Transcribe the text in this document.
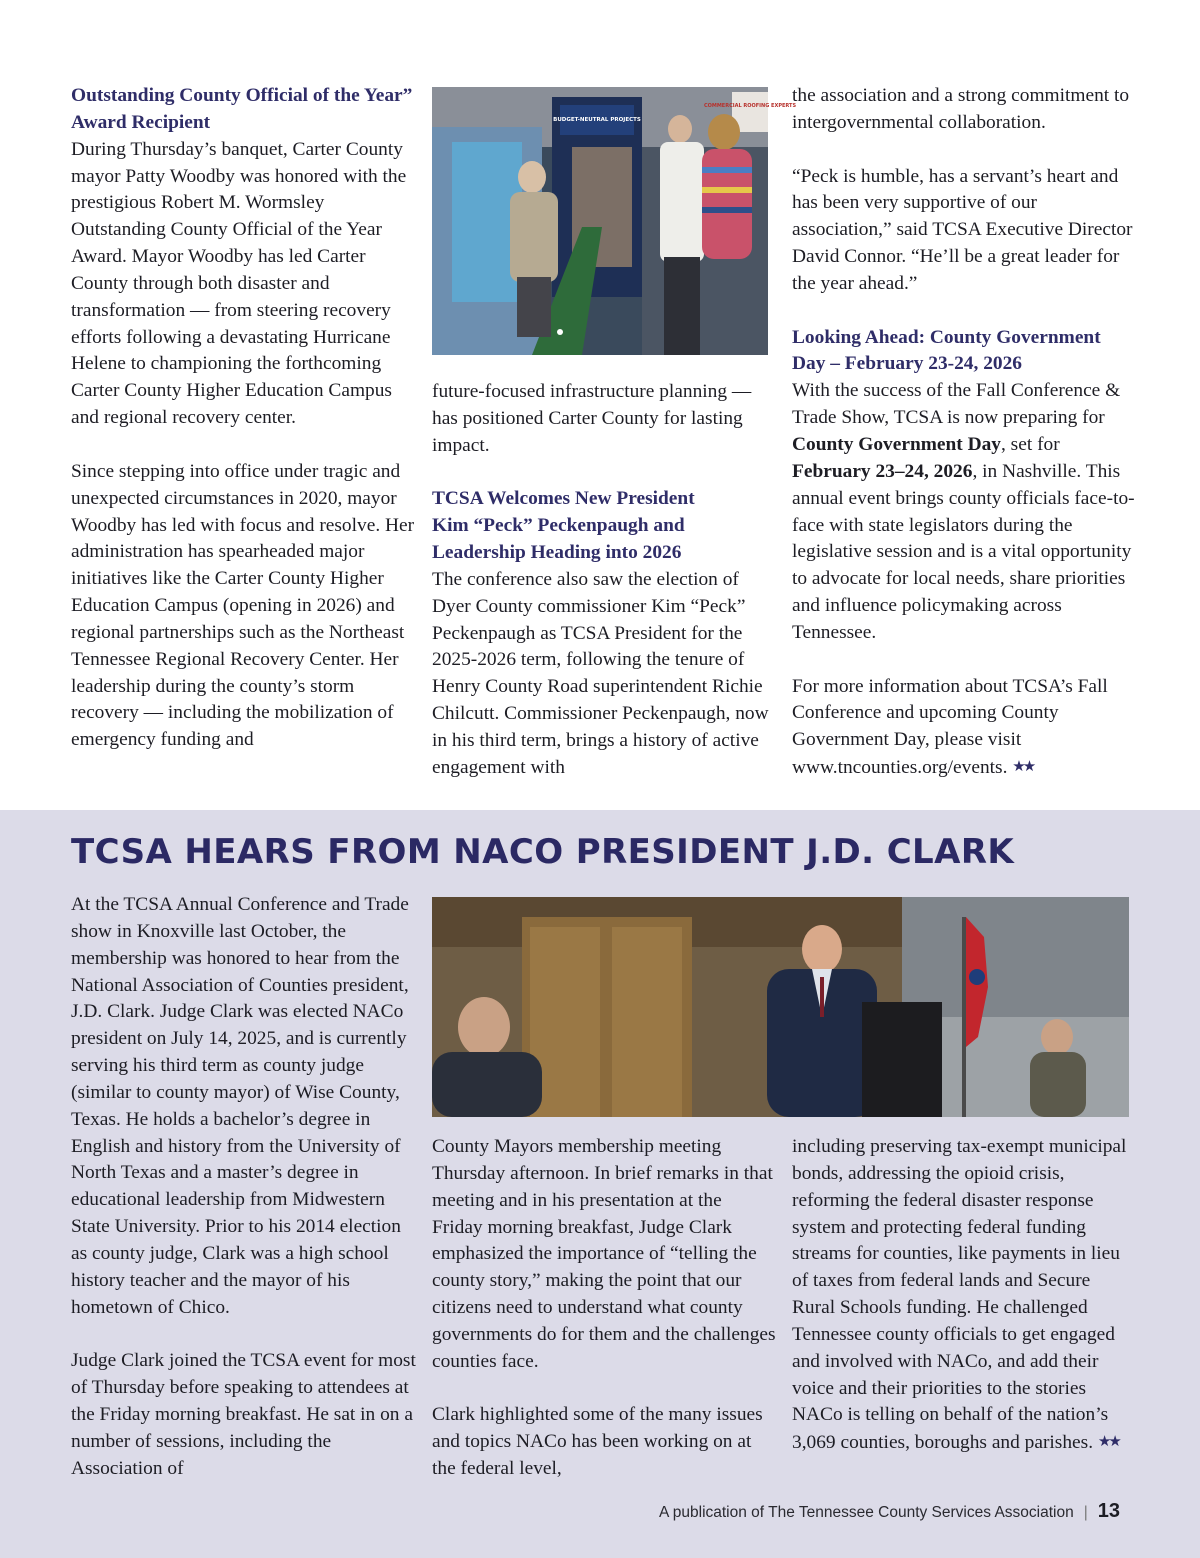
Outstanding County Official of the Year” Award Recipient

During Thursday’s banquet, Carter County mayor Patty Woodby was honored with the prestigious Robert M. Wormsley Outstanding County Official of the Year Award. Mayor Woodby has led Carter County through both disaster and transformation — from steering recovery efforts following a devastating Hurricane Helene to championing the forthcoming Carter County Higher Education Campus and regional recovery center.

Since stepping into office under tragic and unexpected circumstances in 2020, mayor Woodby has led with focus and resolve. Her administration has spearheaded major initiatives like the Carter County Higher Education Campus (opening in 2026) and regional partnerships such as the Northeast Tennessee Regional Recovery Center. Her leadership during the county’s storm recovery — including the mobilization of emergency funding and

BUDGET-NEUTRAL PROJECTS
COMMERCIAL ROOFING EXPERTS

future-focused infrastructure planning — has positioned Carter County for lasting impact.

TCSA Welcomes New President Kim “Peck” Peckenpaugh and Leadership Heading into 2026

The conference also saw the election of Dyer County commissioner Kim “Peck” Peckenpaugh as TCSA President for the 2025-2026 term, following the tenure of Henry County Road superintendent Richie Chilcutt. Commissioner Peckenpaugh, now in his third term, brings a history of active engagement with

the association and a strong commitment to intergovernmental collaboration.

“Peck is humble, has a servant’s heart and has been very supportive of our association,” said TCSA Executive Director David Connor. “He’ll be a great leader for the year ahead.”

Looking Ahead: County Government Day – February 23-24, 2026

With the success of the Fall Conference & Trade Show, TCSA is now preparing for County Government Day, set for February 23–24, 2026, in Nashville. This annual event brings county officials face-to-face with state legislators during the legislative session and is a vital opportunity to advocate for local needs, share priorities and influence policymaking across Tennessee.

For more information about TCSA’s Fall Conference and upcoming County Government Day, please visit www.tncounties.org/events. ★★

TCSA HEARS FROM NACO PRESIDENT J.D. CLARK

At the TCSA Annual Conference and Trade show in Knoxville last October, the membership was honored to hear from the National Association of Counties president, J.D. Clark. Judge Clark was elected NACo president on July 14, 2025, and is currently serving his third term as county judge (similar to county mayor) of Wise County, Texas. He holds a bachelor’s degree in English and history from the University of North Texas and a master’s degree in educational leadership from Midwestern State University. Prior to his 2014 election as county judge, Clark was a high school history teacher and the mayor of his hometown of Chico.

Judge Clark joined the TCSA event for most of Thursday before speaking to attendees at the Friday morning breakfast. He sat in on a number of sessions, including the Association of

County Mayors membership meeting Thursday afternoon. In brief remarks in that meeting and in his presentation at the Friday morning breakfast, Judge Clark emphasized the importance of “telling the county story,” making the point that our citizens need to understand what county governments do for them and the challenges counties face.

Clark highlighted some of the many issues and topics NACo has been working on at the federal level,

including preserving tax-exempt municipal bonds, addressing the opioid crisis, reforming the federal disaster response system and protecting federal funding streams for counties, like payments in lieu of taxes from federal lands and Secure Rural Schools funding. He challenged Tennessee county officials to get engaged and involved with NACo, and add their voice and their priorities to the stories NACo is telling on behalf of the nation’s 3,069 counties, boroughs and parishes. ★★

A publication of The Tennessee County Services Association | 13
